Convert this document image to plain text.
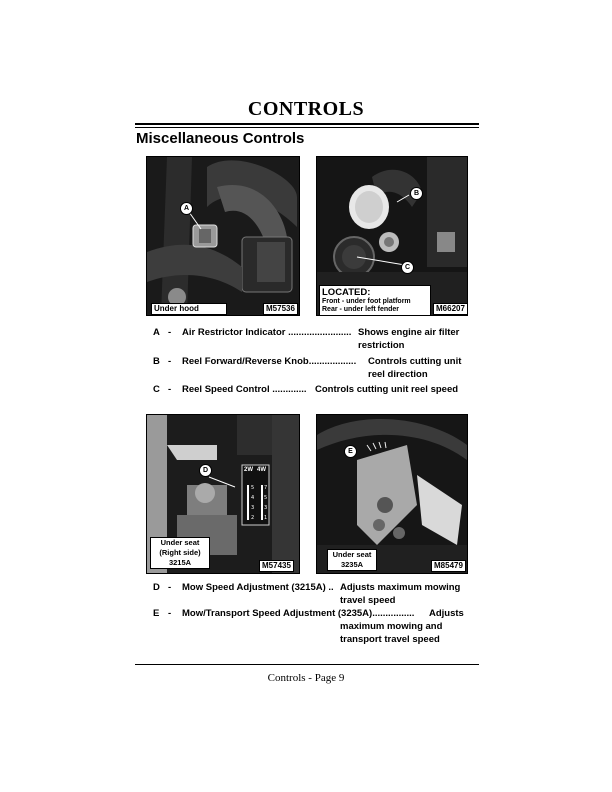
CONTROLS
Miscellaneous Controls
A
Under hood	M57536
B
C
LOCATED:
Front - under foot platform
Rear - under left fender	M66207
5
4
3
2
7
5
3
1
D	2W 4W
Under seat
(Right side)
3215A	M57435
E
Under seat
3235A	M85479
A - Air Restrictor Indicator ........................ Shows engine air filter
restriction
B - Reel Forward/Reverse Knob.................. Controls cutting unit
reel direction
C - Reel Speed Control ............. Controls cutting unit reel speed
D - Mow Speed Adjustment (3215A) .. Adjusts maximum mowing
travel speed
E - Mow/Transport Speed Adjustment (3235A)................ Adjusts
maximum mowing and
transport travel speed
Controls - Page 9
